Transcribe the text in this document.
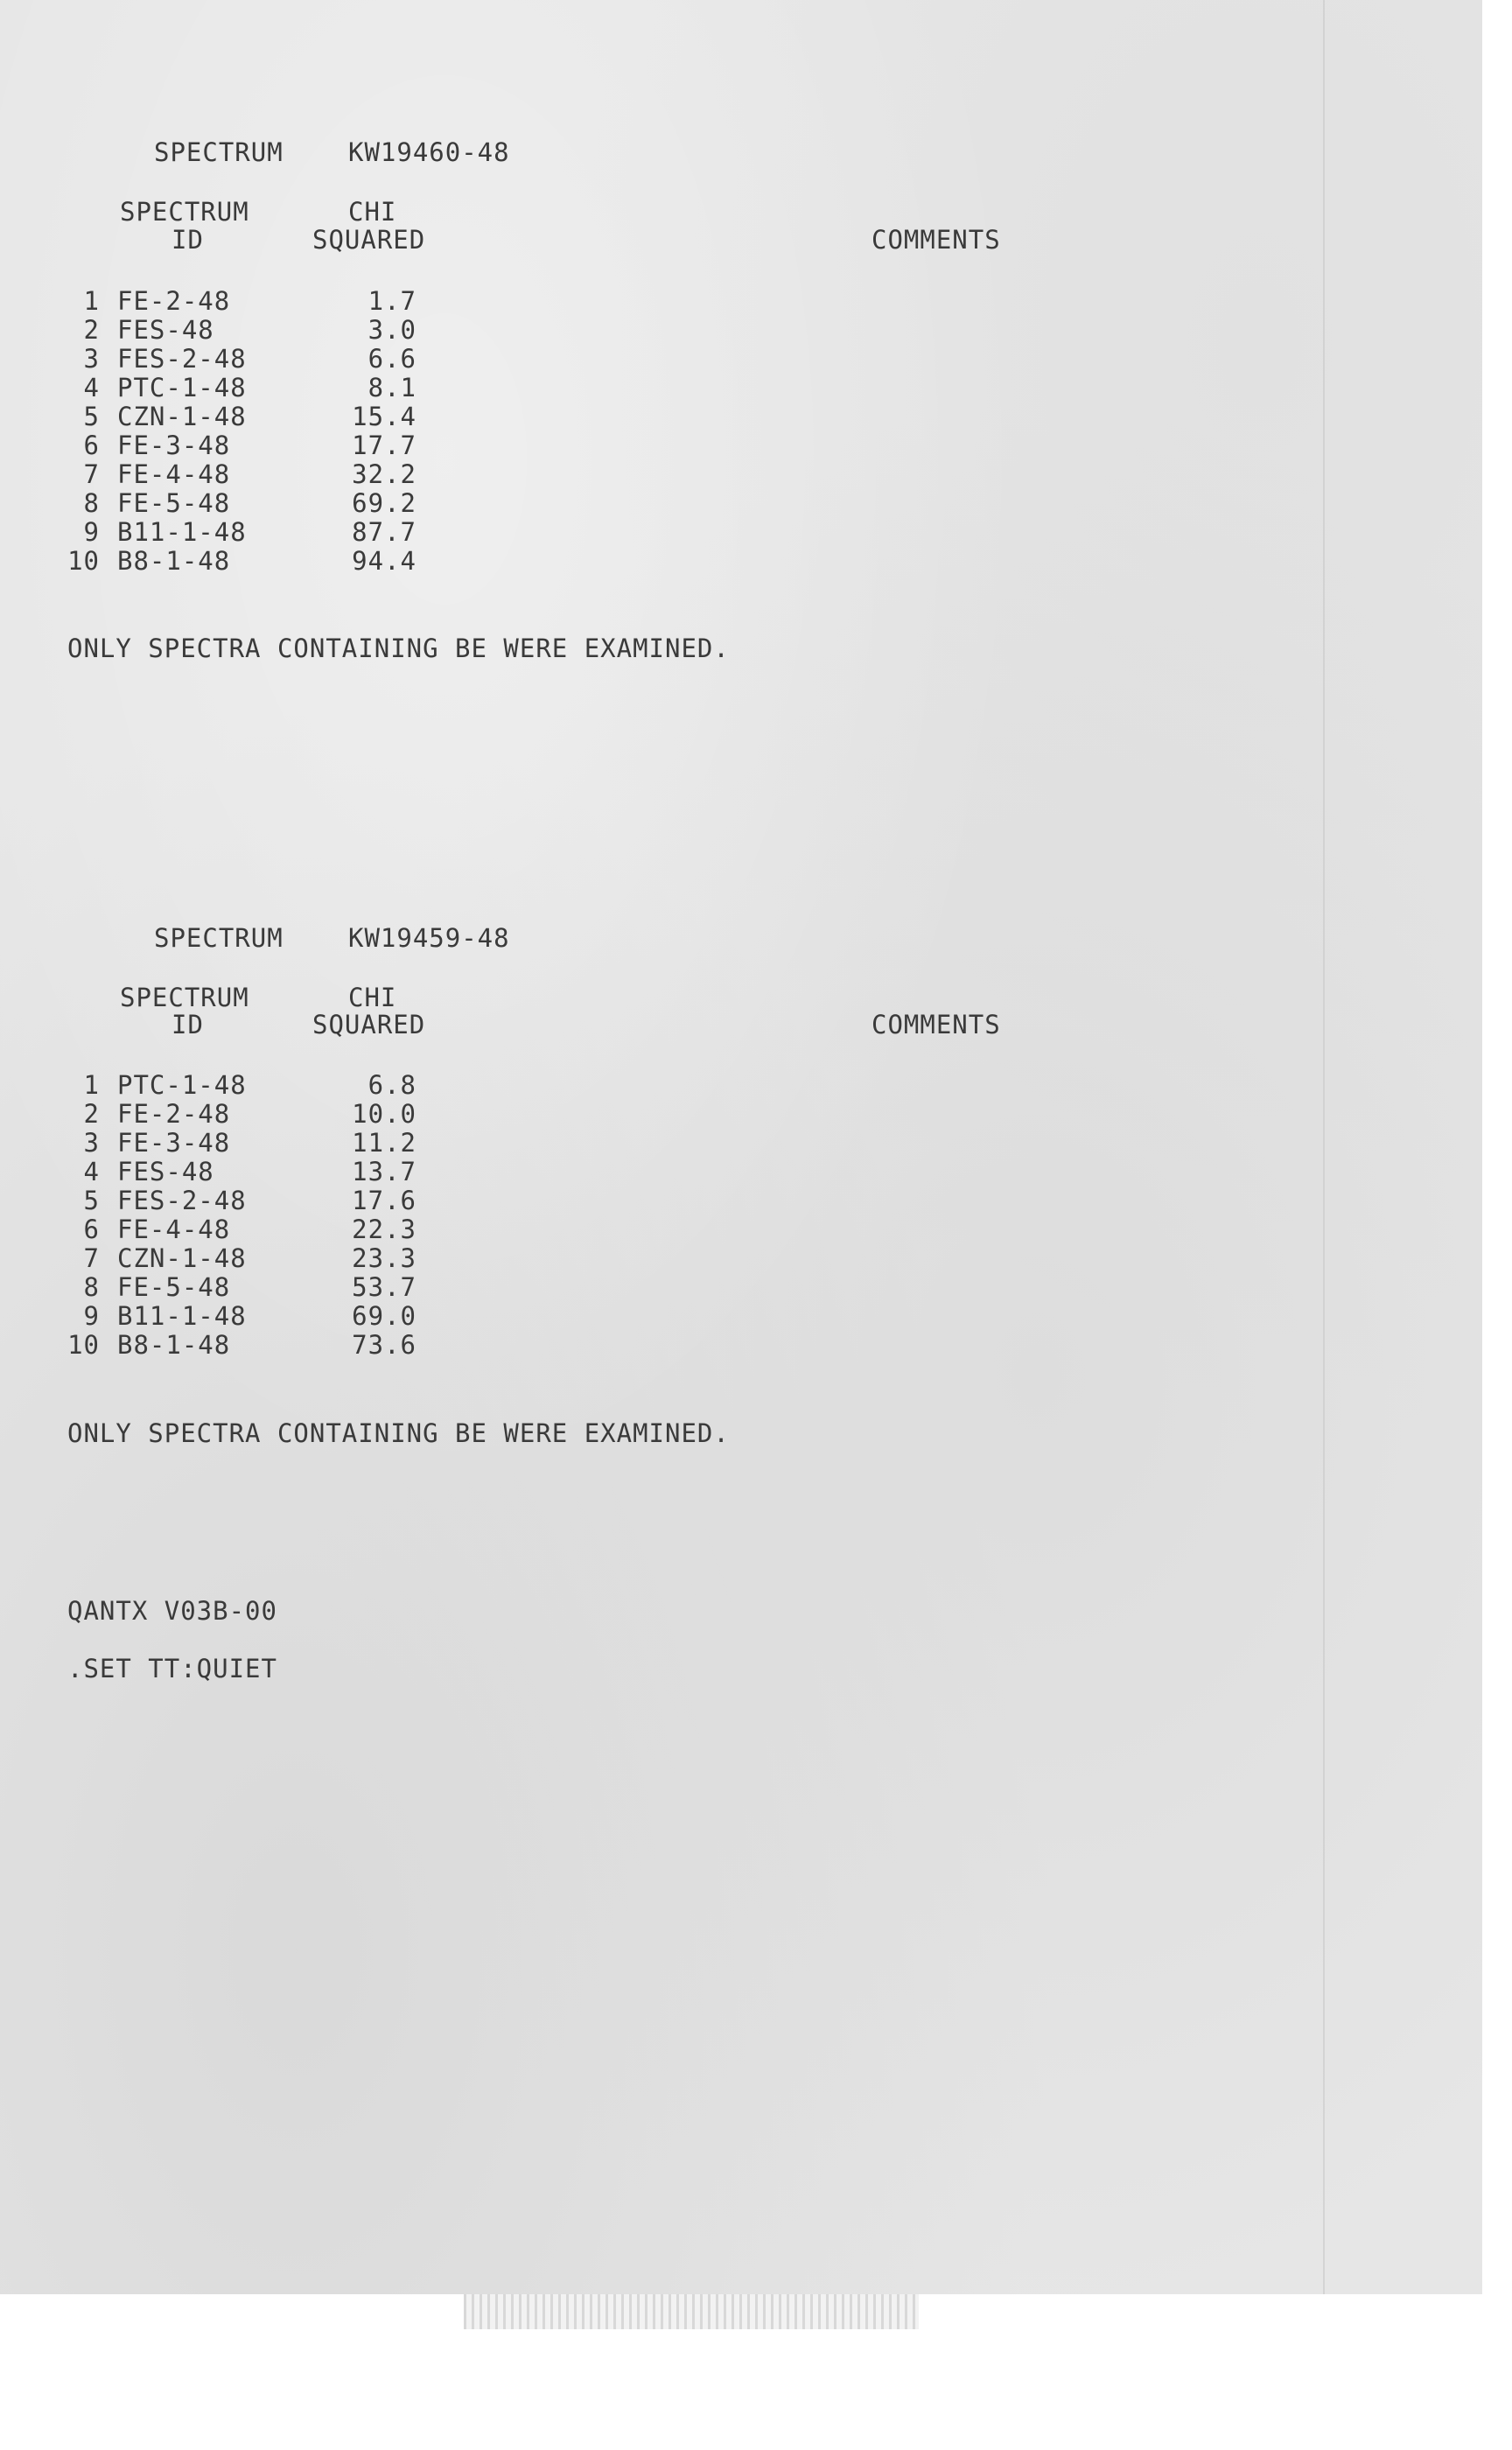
SPECTRUM	KW19460-48
SPECTRUM	CHI
ID	SQUARED	COMMENTS
1 FE-2-48	1.7
2 FES-48	3.0
3 FES-2-48	6.6
4 PTC-1-48	8.1
5 CZN-1-48	15.4
6 FE-3-48	17.7
7 FE-4-48	32.2
8 FE-5-48	69.2
9 B11-1-48	87.7
10 B8-1-48	94.4
ONLY SPECTRA CONTAINING BE WERE EXAMINED.
SPECTRUM	KW19459-48
SPECTRUM	CHI
ID	SQUARED	COMMENTS
1 PTC-1-48	6.8
2 FE-2-48	10.0
3 FE-3-48	11.2
4 FES-48	13.7
5 FES-2-48	17.6
6 FE-4-48	22.3
7 CZN-1-48	23.3
8 FE-5-48	53.7
9 B11-1-48	69.0
10 B8-1-48	73.6
ONLY SPECTRA CONTAINING BE WERE EXAMINED.
QANTX V03B-00
.SET TT:QUIET
